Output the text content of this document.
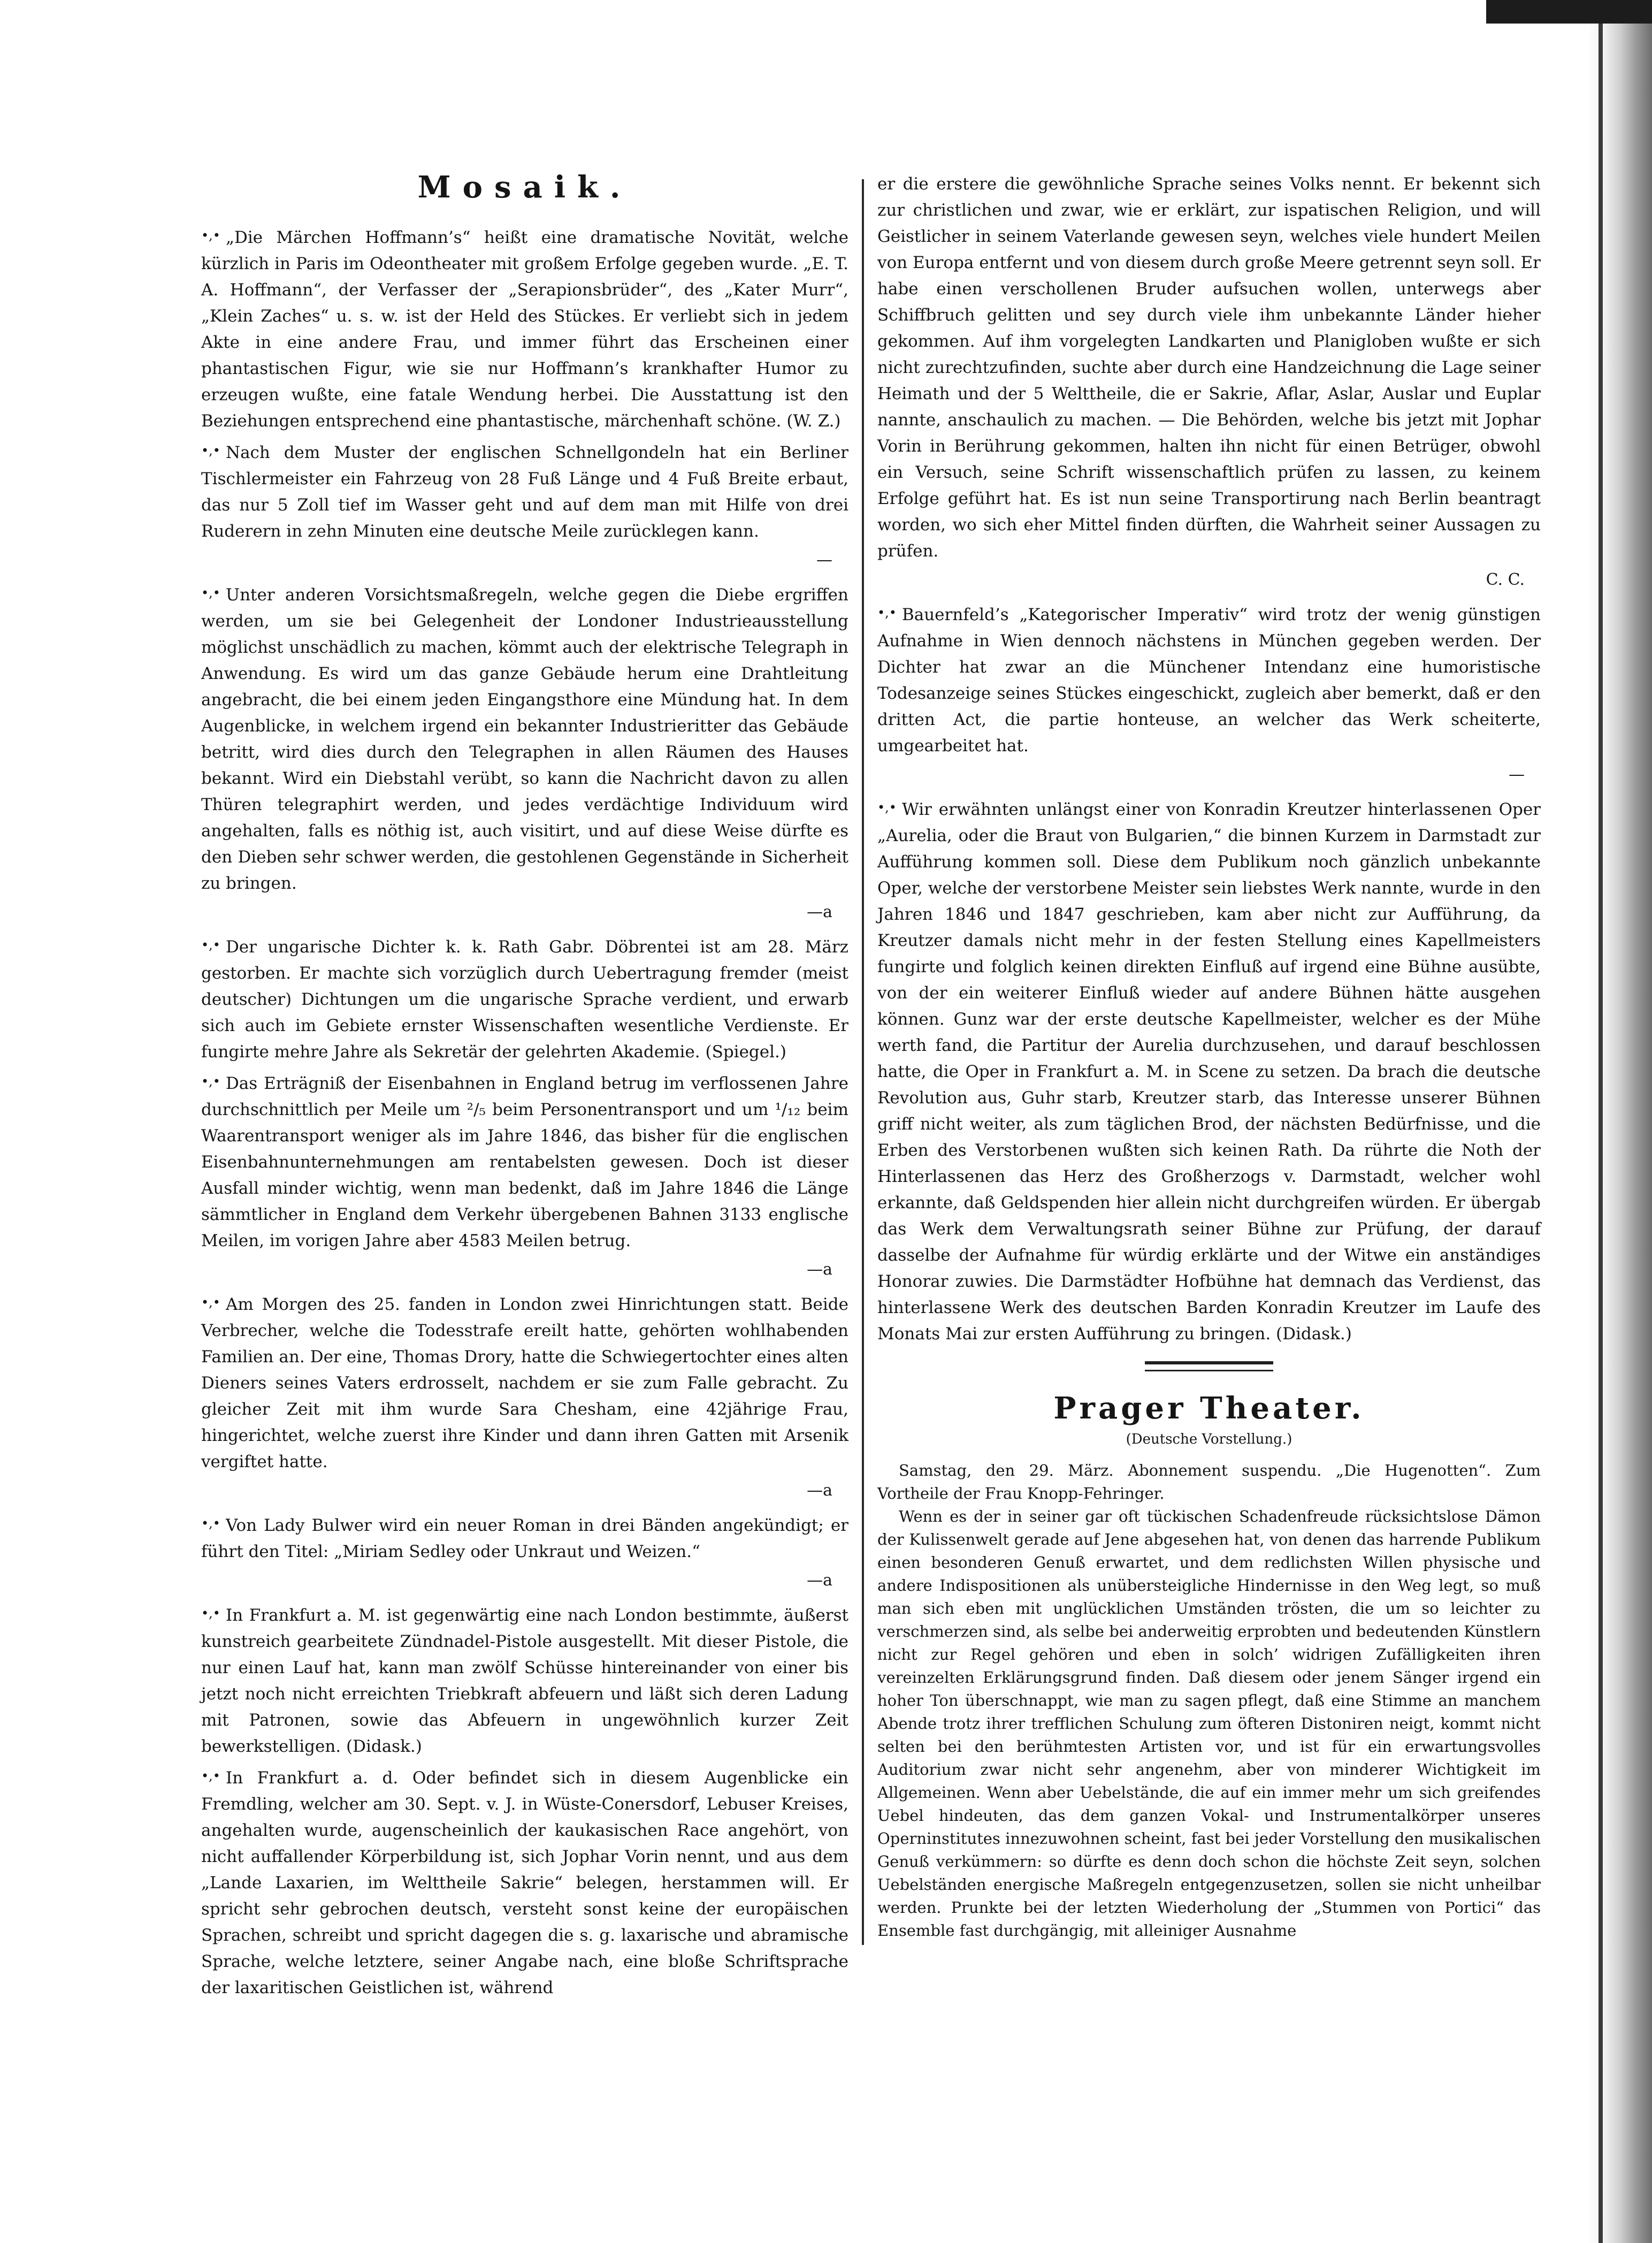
Mosaik.

•,• „Die Märchen Hoffmann’s“ heißt eine dramatische Novität, welche kürzlich in Paris im Odeontheater mit großem Erfolge gegeben wurde. „E. T. A. Hoffmann“, der Verfasser der „Serapionsbrüder“, des „Kater Murr“, „Klein Zaches“ u. s. w. ist der Held des Stückes. Er verliebt sich in jedem Akte in eine andere Frau, und immer führt das Erscheinen einer phantastischen Figur, wie sie nur Hoffmann’s krankhafter Humor zu erzeugen wußte, eine fatale Wendung herbei. Die Ausstattung ist den Beziehungen entsprechend eine phantastische, märchenhaft schöne. (W. Z.)

•,• Nach dem Muster der englischen Schnellgondeln hat ein Berliner Tischlermeister ein Fahrzeug von 28 Fuß Länge und 4 Fuß Breite erbaut, das nur 5 Zoll tief im Wasser geht und auf dem man mit Hilfe von drei Ruderern in zehn Minuten eine deutsche Meile zurücklegen kann.

—

•,• Unter anderen Vorsichtsmaßregeln, welche gegen die Diebe ergriffen werden, um sie bei Gelegenheit der Londoner Industrieausstellung möglichst unschädlich zu machen, kömmt auch der elektrische Telegraph in Anwendung. Es wird um das ganze Gebäude herum eine Drahtleitung angebracht, die bei einem jeden Eingangsthore eine Mündung hat. In dem Augenblicke, in welchem irgend ein bekannter Industrieritter das Gebäude betritt, wird dies durch den Telegraphen in allen Räumen des Hauses bekannt. Wird ein Diebstahl verübt, so kann die Nachricht davon zu allen Thüren telegraphirt werden, und jedes verdächtige Individuum wird angehalten, falls es nöthig ist, auch visitirt, und auf diese Weise dürfte es den Dieben sehr schwer werden, die gestohlenen Gegenstände in Sicherheit zu bringen.

—a

•,• Der ungarische Dichter k. k. Rath Gabr. Döbrentei ist am 28. März gestorben. Er machte sich vorzüglich durch Uebertragung fremder (meist deutscher) Dichtungen um die ungarische Sprache verdient, und erwarb sich auch im Gebiete ernster Wissenschaften wesentliche Verdienste. Er fungirte mehre Jahre als Sekretär der gelehrten Akademie. (Spiegel.)

•,• Das Erträgniß der Eisenbahnen in England betrug im verflossenen Jahre durchschnittlich per Meile um ²/₅ beim Personentransport und um ¹/₁₂ beim Waarentransport weniger als im Jahre 1846, das bisher für die englischen Eisenbahnunternehmungen am rentabelsten gewesen. Doch ist dieser Ausfall minder wichtig, wenn man bedenkt, daß im Jahre 1846 die Länge sämmtlicher in England dem Verkehr übergebenen Bahnen 3133 englische Meilen, im vorigen Jahre aber 4583 Meilen betrug.

—a

•,• Am Morgen des 25. fanden in London zwei Hinrichtungen statt. Beide Verbrecher, welche die Todesstrafe ereilt hatte, gehörten wohlhabenden Familien an. Der eine, Thomas Drory, hatte die Schwiegertochter eines alten Dieners seines Vaters erdrosselt, nachdem er sie zum Falle gebracht. Zu gleicher Zeit mit ihm wurde Sara Chesham, eine 42jährige Frau, hingerichtet, welche zuerst ihre Kinder und dann ihren Gatten mit Arsenik vergiftet hatte.

—a

•,• Von Lady Bulwer wird ein neuer Roman in drei Bänden angekündigt; er führt den Titel: „Miriam Sedley oder Unkraut und Weizen.“

—a

•,• In Frankfurt a. M. ist gegenwärtig eine nach London bestimmte, äußerst kunstreich gearbeitete Zündnadel-Pistole ausgestellt. Mit dieser Pistole, die nur einen Lauf hat, kann man zwölf Schüsse hintereinander von einer bis jetzt noch nicht erreichten Triebkraft abfeuern und läßt sich deren Ladung mit Patronen, sowie das Abfeuern in ungewöhnlich kurzer Zeit bewerkstelligen. (Didask.)

•,• In Frankfurt a. d. Oder befindet sich in diesem Augenblicke ein Fremdling, welcher am 30. Sept. v. J. in Wüste-Conersdorf, Lebuser Kreises, angehalten wurde, augenscheinlich der kaukasischen Race angehört, von nicht auffallender Körperbildung ist, sich Jophar Vorin nennt, und aus dem „Lande Laxarien, im Welttheile Sakrie“ belegen, herstammen will. Er spricht sehr gebrochen deutsch, versteht sonst keine der europäischen Sprachen, schreibt und spricht dagegen die s. g. laxarische und abramische Sprache, welche letztere, seiner Angabe nach, eine bloße Schriftsprache der laxaritischen Geistlichen ist, während

er die erstere die gewöhnliche Sprache seines Volks nennt. Er bekennt sich zur christlichen und zwar, wie er erklärt, zur ispatischen Religion, und will Geistlicher in seinem Vaterlande gewesen seyn, welches viele hundert Meilen von Europa entfernt und von diesem durch große Meere getrennt seyn soll. Er habe einen verschollenen Bruder aufsuchen wollen, unterwegs aber Schiffbruch gelitten und sey durch viele ihm unbekannte Länder hieher gekommen. Auf ihm vorgelegten Landkarten und Planigloben wußte er sich nicht zurechtzufinden, suchte aber durch eine Handzeichnung die Lage seiner Heimath und der 5 Welttheile, die er Sakrie, Aflar, Aslar, Auslar und Euplar nannte, anschaulich zu machen. — Die Behörden, welche bis jetzt mit Jophar Vorin in Berührung gekommen, halten ihn nicht für einen Betrüger, obwohl ein Versuch, seine Schrift wissenschaftlich prüfen zu lassen, zu keinem Erfolge geführt hat. Es ist nun seine Transportirung nach Berlin beantragt worden, wo sich eher Mittel finden dürften, die Wahrheit seiner Aussagen zu prüfen.

C. C.

•,• Bauernfeld’s „Kategorischer Imperativ“ wird trotz der wenig günstigen Aufnahme in Wien dennoch nächstens in München gegeben werden. Der Dichter hat zwar an die Münchener Intendanz eine humoristische Todesanzeige seines Stückes eingeschickt, zugleich aber bemerkt, daß er den dritten Act, die partie honteuse, an welcher das Werk scheiterte, umgearbeitet hat.

—

•,• Wir erwähnten unlängst einer von Konradin Kreutzer hinterlassenen Oper „Aurelia, oder die Braut von Bulgarien,“ die binnen Kurzem in Darmstadt zur Aufführung kommen soll. Diese dem Publikum noch gänzlich unbekannte Oper, welche der verstorbene Meister sein liebstes Werk nannte, wurde in den Jahren 1846 und 1847 geschrieben, kam aber nicht zur Aufführung, da Kreutzer damals nicht mehr in der festen Stellung eines Kapellmeisters fungirte und folglich keinen direkten Einfluß auf irgend eine Bühne ausübte, von der ein weiterer Einfluß wieder auf andere Bühnen hätte ausgehen können. Gunz war der erste deutsche Kapellmeister, welcher es der Mühe werth fand, die Partitur der Aurelia durchzusehen, und darauf beschlossen hatte, die Oper in Frankfurt a. M. in Scene zu setzen. Da brach die deutsche Revolution aus, Guhr starb, Kreutzer starb, das Interesse unserer Bühnen griff nicht weiter, als zum täglichen Brod, der nächsten Bedürfnisse, und die Erben des Verstorbenen wußten sich keinen Rath. Da rührte die Noth der Hinterlassenen das Herz des Großherzogs v. Darmstadt, welcher wohl erkannte, daß Geldspenden hier allein nicht durchgreifen würden. Er übergab das Werk dem Verwaltungsrath seiner Bühne zur Prüfung, der darauf dasselbe der Aufnahme für würdig erklärte und der Witwe ein anständiges Honorar zuwies. Die Darmstädter Hofbühne hat demnach das Verdienst, das hinterlassene Werk des deutschen Barden Konradin Kreutzer im Laufe des Monats Mai zur ersten Aufführung zu bringen. (Didask.)

Prager Theater.
(Deutsche Vorstellung.)

Samstag, den 29. März. Abonnement suspendu. „Die Hugenotten“. Zum Vortheile der Frau Knopp-Fehringer.

Wenn es der in seiner gar oft tückischen Schadenfreude rücksichtslose Dämon der Kulissenwelt gerade auf Jene abgesehen hat, von denen das harrende Publikum einen besonderen Genuß erwartet, und dem redlichsten Willen physische und andere Indispositionen als unübersteigliche Hindernisse in den Weg legt, so muß man sich eben mit unglücklichen Umständen trösten, die um so leichter zu verschmerzen sind, als selbe bei anderweitig erprobten und bedeutenden Künstlern nicht zur Regel gehören und eben in solch’ widrigen Zufälligkeiten ihren vereinzelten Erklärungsgrund finden. Daß diesem oder jenem Sänger irgend ein hoher Ton überschnappt, wie man zu sagen pflegt, daß eine Stimme an manchem Abende trotz ihrer trefflichen Schulung zum öfteren Distoniren neigt, kommt nicht selten bei den berühmtesten Artisten vor, und ist für ein erwartungsvolles Auditorium zwar nicht sehr angenehm, aber von minderer Wichtigkeit im Allgemeinen. Wenn aber Uebelstände, die auf ein immer mehr um sich greifendes Uebel hindeuten, das dem ganzen Vokal- und Instrumentalkörper unseres Operninstitutes innezuwohnen scheint, fast bei jeder Vorstellung den musikalischen Genuß verkümmern: so dürfte es denn doch schon die höchste Zeit seyn, solchen Uebelständen energische Maßregeln entgegenzusetzen, sollen sie nicht unheilbar werden. Prunkte bei der letzten Wiederholung der „Stummen von Portici“ das Ensemble fast durchgängig, mit alleiniger Ausnahme
